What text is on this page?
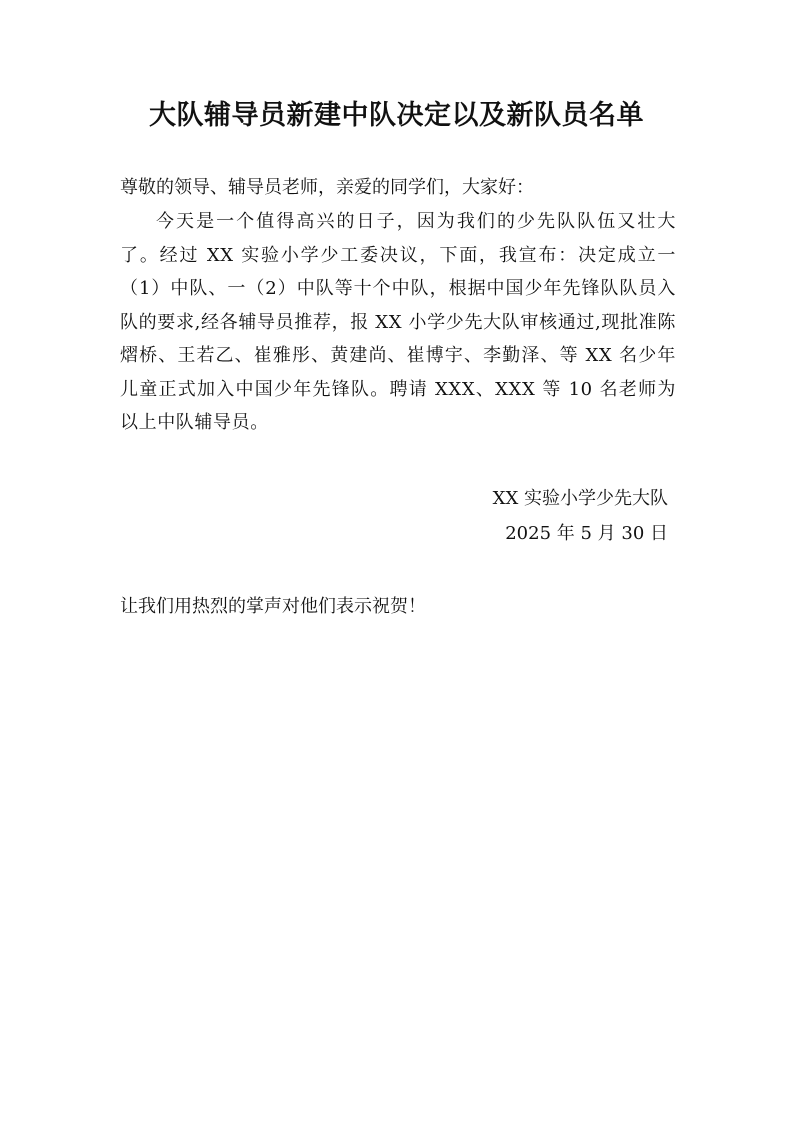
大队辅导员新建中队决定以及新队员名单
尊敬的领导、辅导员老师，亲爱的同学们，大家好：
今天是一个值得高兴的日子，因为我们的少先队队伍又壮大了。经过 XX 实验小学少工委决议，下面，我宣布：决定成立一（1）中队、一（2）中队等十个中队，根据中国少年先锋队队员入队的要求,经各辅导员推荐，报 XX 小学少先大队审核通过,现批准陈熠桥、王若乙、崔雅彤、黄建尚、崔博宇、李勤泽、等 XX 名少年儿童正式加入中国少年先锋队。聘请 XXX、XXX 等 10 名老师为以上中队辅导员。
XX 实验小学少先大队
2025 年 5 月 30 日
让我们用热烈的掌声对他们表示祝贺！
